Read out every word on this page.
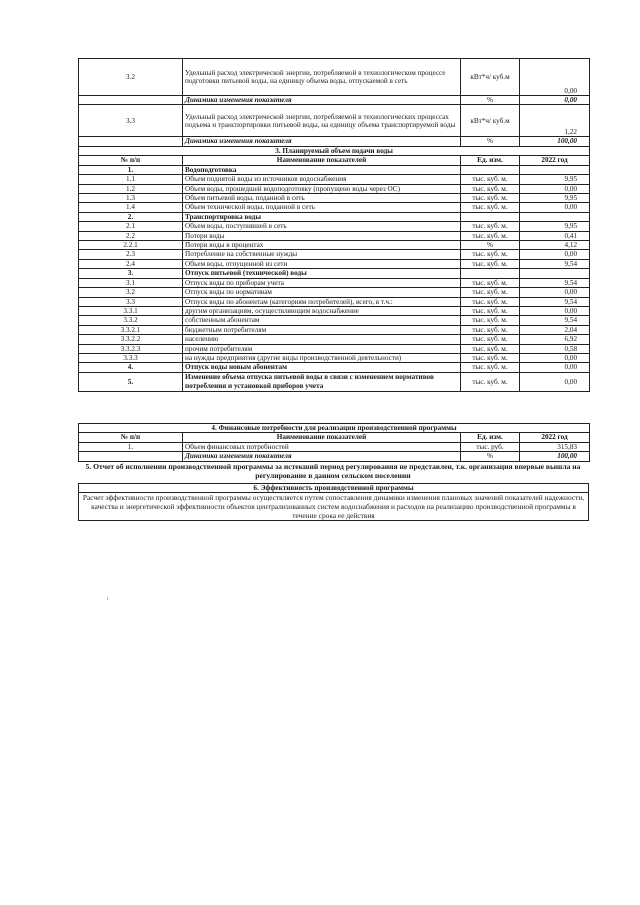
3.2	Удельный расход электрической энергии, потребляемой в технологическом процессе подготовки питьевой воды, на единицу объема воды, отпускаемой в сеть	кВт*ч/ куб.м	0,00
	Динамика изменения показателя	%	0,00
3.3	Удельный расход электрической энергии, потребляемой в технологических процессах подъема и транспортировки питьевой воды, на единицу объема транспортируемой воды	кВт*ч/ куб.м	1,22
	Динамика изменения показателя	%	100,00
3. Планируемый объем подачи воды			
№ п/п	Наименование показателей	Ед. изм.	2022 год
1.	Водоподготовка		
1.1	Объем поднятой воды из источников водоснабжения	тыс. куб. м.	9,95
1.2	Объем воды, прошедшей водоподготовку (пропущено воды через ОС)	тыс. куб. м.	0,00
1.3	Объем питьевой воды, поданной в сеть	тыс. куб. м.	9,95
1.4	Объем технической воды, поданной в сеть	тыс. куб. м.	0,00
2.	Транспортировка воды		
2.1	Объем воды, поступившей в сеть	тыс. куб. м.	9,95
2.2	Потери воды	тыс. куб. м.	0,41
2.2.1	Потери воды в процентах	%	4,12
2.3	Потребление на собственные нужды	тыс. куб. м.	0,00
2.4	Объем воды, отпущенной из сети	тыс. куб. м.	9,54
3.	Отпуск питьевой (технической) воды		
3.1	Отпуск воды по приборам учета	тыс. куб. м.	9,54
3.2	Отпуск воды по нормативам	тыс. куб. м.	0,00
3.3	Отпуск воды по абонентам (категориям потребителей), всего, в т.ч.:	тыс. куб. м.	9,54
3.3.1	другим организациям, осуществляющим водоснабжение	тыс. куб. м.	0,00
3.3.2	собственным абонентам	тыс. куб. м.	9,54
3.3.2.1	бюджетным потребителям	тыс. куб. м.	2,04
3.3.2.2	населению	тыс. куб. м.	6,92
3.3.2.3	прочим потребителям	тыс. куб. м.	0,58
3.3.3	на нужды предприятия (другие виды производственной деятельности)	тыс. куб. м.	0,00
4.	Отпуск воды новым абонентам	тыс. куб. м.	0,00
5.	Изменение объема отпуска питьевой воды в связи с изменением нормативов потребления и установкой приборов учета	тыс. куб. м.	0,00
4. Финансовые потребности для реализации производственной программы			
№ п/п	Наименование показателей	Ед. изм.	2022 год
1.	Объем финансовых потребностей	тыс. руб.	315,83
	Динамика изменения показателя	%	100,00
5. Отчет об исполнении производственной программы за истекший период регулирования не представлен, т.к. организация впервые вышла на регулирование в данном сельском поселении
6. Эффективность производственной программы
Расчет эффективности производственной программы осуществляется путем сопоставления динамики изменения плановых значений показателей надежности, качества и энергетической эффективности объектов централизованных систем водоснабжения и расходов на реализацию производственной программы в течение срока ее действия
